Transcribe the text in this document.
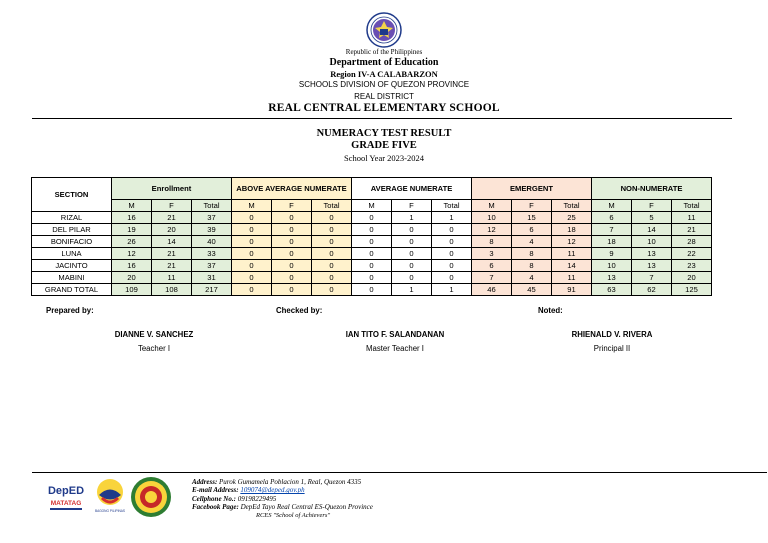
Republic of the Philippines
Department of Education
Region IV-A CALABARZON
SCHOOLS DIVISION OF QUEZON PROVINCE
REAL DISTRICT
REAL CENTRAL ELEMENTARY SCHOOL
NUMERACY TEST RESULT
GRADE FIVE
School Year 2023-2024
SECTION	Enrollment			ABOVE AVERAGE NUMERATE			AVERAGE NUMERATE			EMERGENT			NON-NUMERATE		
	M	F	Total	M	F	Total	M	F	Total	M	F	Total	M	F	Total
RIZAL	16	21	37	0	0	0	0	1	1	10	15	25	6	5	11
DEL PILAR	19	20	39	0	0	0	0	0	0	12	6	18	7	14	21
BONIFACIO	26	14	40	0	0	0	0	0	0	8	4	12	18	10	28
LUNA	12	21	33	0	0	0	0	0	0	3	8	11	9	13	22
JACINTO	16	21	37	0	0	0	0	0	0	6	8	14	10	13	23
MABINI	20	11	31	0	0	0	0	0	0	7	4	11	13	7	20
GRAND TOTAL	109	108	217	0	0	0	0	1	1	46	45	91	63	62	125
Prepared by:	Checked by:	Noted:
DIANNE V. SANCHEZ
Teacher I
IAN TITO F. SALANDANAN
Master Teacher I
RHIENALD V. RIVERA
Principal II
DepED
MATATAG
BAGONG PILIPINAS
Address: Purok Gumamela Poblacion 1, Real, Quezon 4335
E-mail Address: 109074@deped.gov.ph
Cellphone No.: 09198229495
Facebook Page: DepEd Tayo Real Central ES-Quezon Province
RCES "School of Achievers"
